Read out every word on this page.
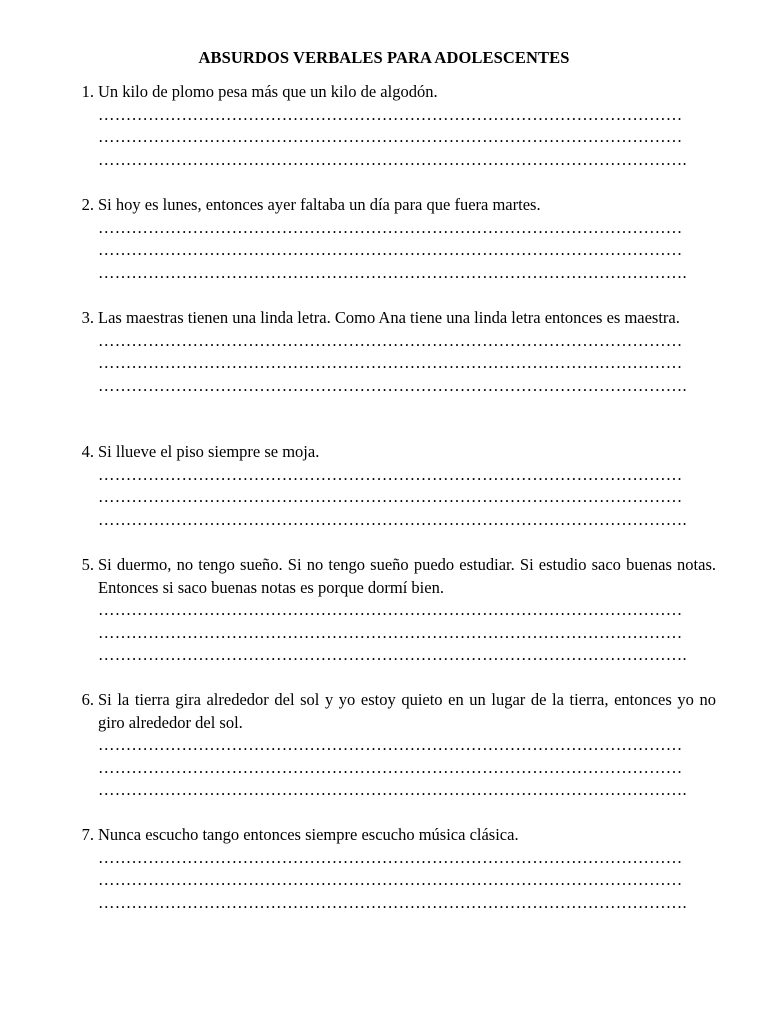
ABSURDOS VERBALES PARA ADOLESCENTES
1. Un kilo de plomo pesa más que un kilo de algodón.

……………………………………………………………………………………………

……………………………………………………………………………………………

…………………………………………………………………………………………….

2. Si hoy es lunes, entonces ayer faltaba un día para que fuera martes.

……………………………………………………………………………………………

……………………………………………………………………………………………

…………………………………………………………………………………………….

3. Las maestras tienen una linda letra. Como Ana tiene una linda letra entonces es maestra.

……………………………………………………………………………………………

……………………………………………………………………………………………

…………………………………………………………………………………………….

4. Si llueve el piso siempre se moja.

……………………………………………………………………………………………

……………………………………………………………………………………………

…………………………………………………………………………………………….

5. Si duermo, no tengo sueño. Si no tengo sueño puedo estudiar. Si estudio saco buenas notas. Entonces si saco buenas notas es porque dormí bien.

……………………………………………………………………………………………

……………………………………………………………………………………………

…………………………………………………………………………………………….

6. Si la tierra gira alrededor del sol y yo estoy quieto en un lugar de la tierra, entonces yo no giro alrededor del sol.

……………………………………………………………………………………………

……………………………………………………………………………………………

…………………………………………………………………………………………….

7. Nunca escucho tango entonces siempre escucho música clásica.

……………………………………………………………………………………………

……………………………………………………………………………………………

…………………………………………………………………………………………….
